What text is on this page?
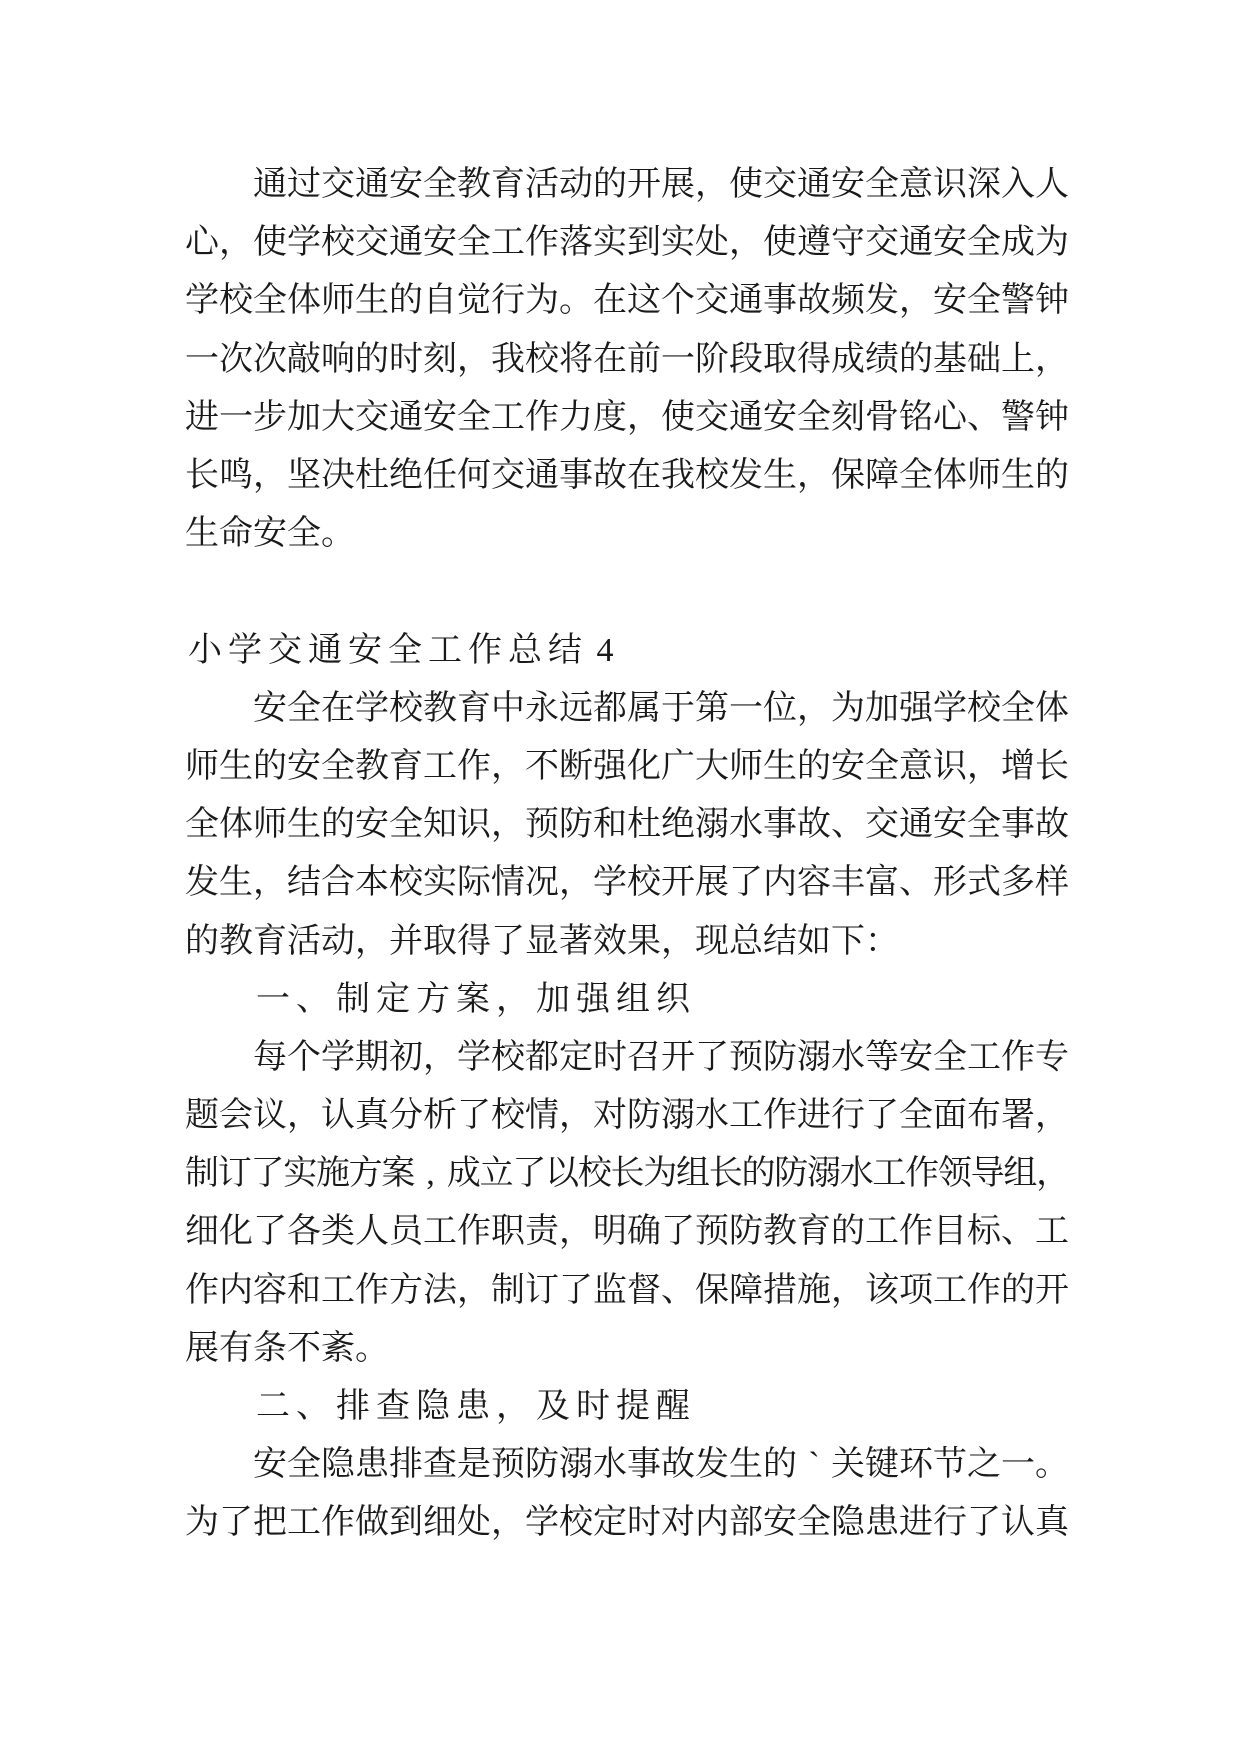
通 过 交 通 安 全 教 育 活 动 的 开 展 ， 使 交 通 安 全 意 识 深 入 人
心 ， 使 学 校 交 通 安 全 工 作 落 实 到 实 处 ， 使 遵 守 交 通 安 全 成 为
学 校 全 体 师 生 的 自 觉 行 为 。 在 这 个 交 通 事 故 频 发 ， 安 全 警 钟
一 次 次 敲 响 的 时 刻 ， 我 校 将 在 前 一 阶 段 取 得 成 绩 的 基 础 上 ，
进 一 步 加 大 交 通 安 全 工 作 力 度 ， 使 交 通 安 全 刻 骨 铭 心 、 警 钟
长 鸣 ， 坚 决 杜 绝 任 何 交 通 事 故 在 我 校 发 生 ， 保 障 全 体 师 生 的
生 命 安 全 。
小 学 交 通 安 全 工 作 总 结 4
安 全 在 学 校 教 育 中 永 远 都 属 于 第 一 位 ， 为 加 强 学 校 全 体
师 生 的 安 全 教 育 工 作 ， 不 断 强 化 广 大 师 生 的 安 全 意 识 ， 增 长
全 体 师 生 的 安 全 知 识 ， 预 防 和 杜 绝 溺 水 事 故 、 交 通 安 全 事 故
发 生 ， 结 合 本 校 实 际 情 况 ， 学 校 开 展 了 内 容 丰 富 、 形 式 多 样
的 教 育 活 动 ， 并 取 得 了 显 著 效 果 ， 现 总 结 如 下 ：
一 、 制 定 方 案 ， 加 强 组 织
每 个 学 期 初 ， 学 校 都 定 时 召 开 了 预 防 溺 水 等 安 全 工 作 专
题 会 议 ， 认 真 分 析 了 校 情 ， 对 防 溺 水 工 作 进 行 了 全 面 布 署 ，
制
订
了
实
施
方
案 , 成
立
了
以
校
长
为
组
长
的
防
溺
水
工
作
领
导
组
，
细 化 了 各 类 人 员 工 作 职 责 ， 明 确 了 预 防 教 育 的 工 作 目 标 、 工
作 内 容 和 工 作 方 法 ， 制 订 了 监 督 、 保 障 措 施 ， 该 项 工 作 的 开
展 有 条 不 紊 。
二 、 排 查 隐 患 ， 及 时 提 醒
安 全 隐 患 排 查 是 预 防 溺 水 事 故 发 生 的 ` 关 键 环 节 之 一 。
为 了 把 工 作 做 到 细 处 ， 学 校 定 时 对 内 部 安 全 隐 患 进 行 了 认 真
